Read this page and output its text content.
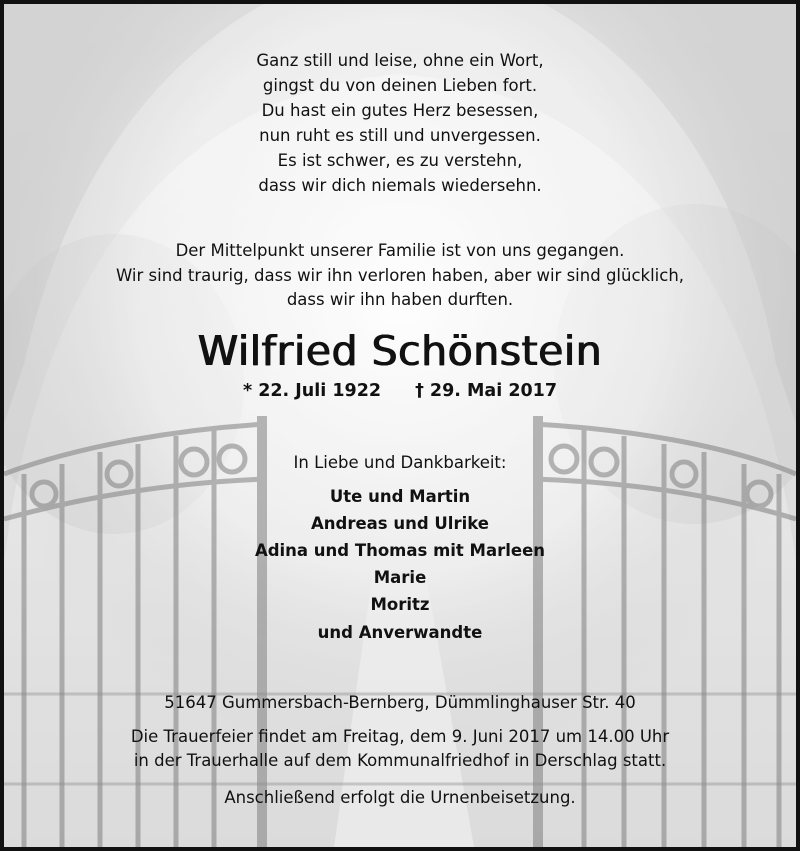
Ganz still und leise, ohne ein Wort,
gingst du von deinen Lieben fort.
Du hast ein gutes Herz besessen,
nun ruht es still und unvergessen.
Es ist schwer, es zu verstehn,
dass wir dich niemals wiedersehn.
Der Mittelpunkt unserer Familie ist von uns gegangen.
Wir sind traurig, dass wir ihn verloren haben, aber wir sind glücklich,
dass wir ihn haben durften.
Wilfried Schönstein
* 22. Juli 1922 † 29. Mai 2017
In Liebe und Dankbarkeit:
Ute und Martin
Andreas und Ulrike
Adina und Thomas mit Marleen
Marie
Moritz
und Anverwandte
51647 Gummersbach-Bernberg, Dümmlinghauser Str. 40
Die Trauerfeier findet am Freitag, dem 9. Juni 2017 um 14.00 Uhr
in der Trauerhalle auf dem Kommunalfriedhof in Derschlag statt.
Anschließend erfolgt die Urnenbeisetzung.
